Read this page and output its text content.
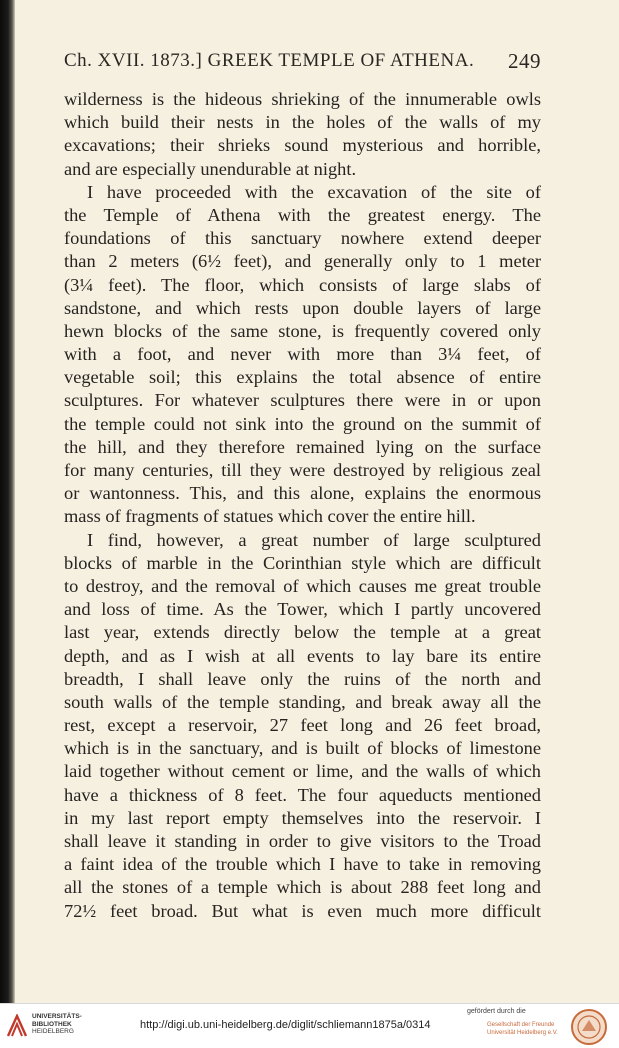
Ch. XVII. 1873.] GREEK TEMPLE OF ATHENA. 249
wilderness is the hideous shrieking of the innumerable owls
which build their nests in the holes of the walls of my
excavations; their shrieks sound mysterious and horrible,
and are especially unendurable at night.
I have proceeded with the excavation of the site of
the Temple of Athena with the greatest energy. The
foundations of this sanctuary nowhere extend deeper
than 2 meters (6½ feet), and generally only to 1 meter
(3¼ feet). The floor, which consists of large slabs of
sandstone, and which rests upon double layers of large
hewn blocks of the same stone, is frequently covered only
with a foot, and never with more than 3¼ feet, of
vegetable soil; this explains the total absence of entire
sculptures. For whatever sculptures there were in or upon
the temple could not sink into the ground on the summit of
the hill, and they therefore remained lying on the surface
for many centuries, till they were destroyed by religious zeal
or wantonness. This, and this alone, explains the enormous
mass of fragments of statues which cover the entire hill.
I find, however, a great number of large sculptured
blocks of marble in the Corinthian style which are difficult
to destroy, and the removal of which causes me great trouble
and loss of time. As the Tower, which I partly uncovered
last year, extends directly below the temple at a great
depth, and as I wish at all events to lay bare its entire
breadth, I shall leave only the ruins of the north and
south walls of the temple standing, and break away all the
rest, except a reservoir, 27 feet long and 26 feet broad,
which is in the sanctuary, and is built of blocks of limestone
laid together without cement or lime, and the walls of which
have a thickness of 8 feet. The four aqueducts mentioned
in my last report empty themselves into the reservoir. I
shall leave it standing in order to give visitors to the Troad
a faint idea of the trouble which I have to take in removing
all the stones of a temple which is about 288 feet long and
72½ feet broad. But what is even much more difficult
UNIVERSITÄTS-
BIBLIOTHEK
HEIDELBERG
http://digi.ub.uni-heidelberg.de/diglit/schliemann1875a/0314
gefördert durch die
Gesellschaft der Freunde
Universität Heidelberg e.V.
